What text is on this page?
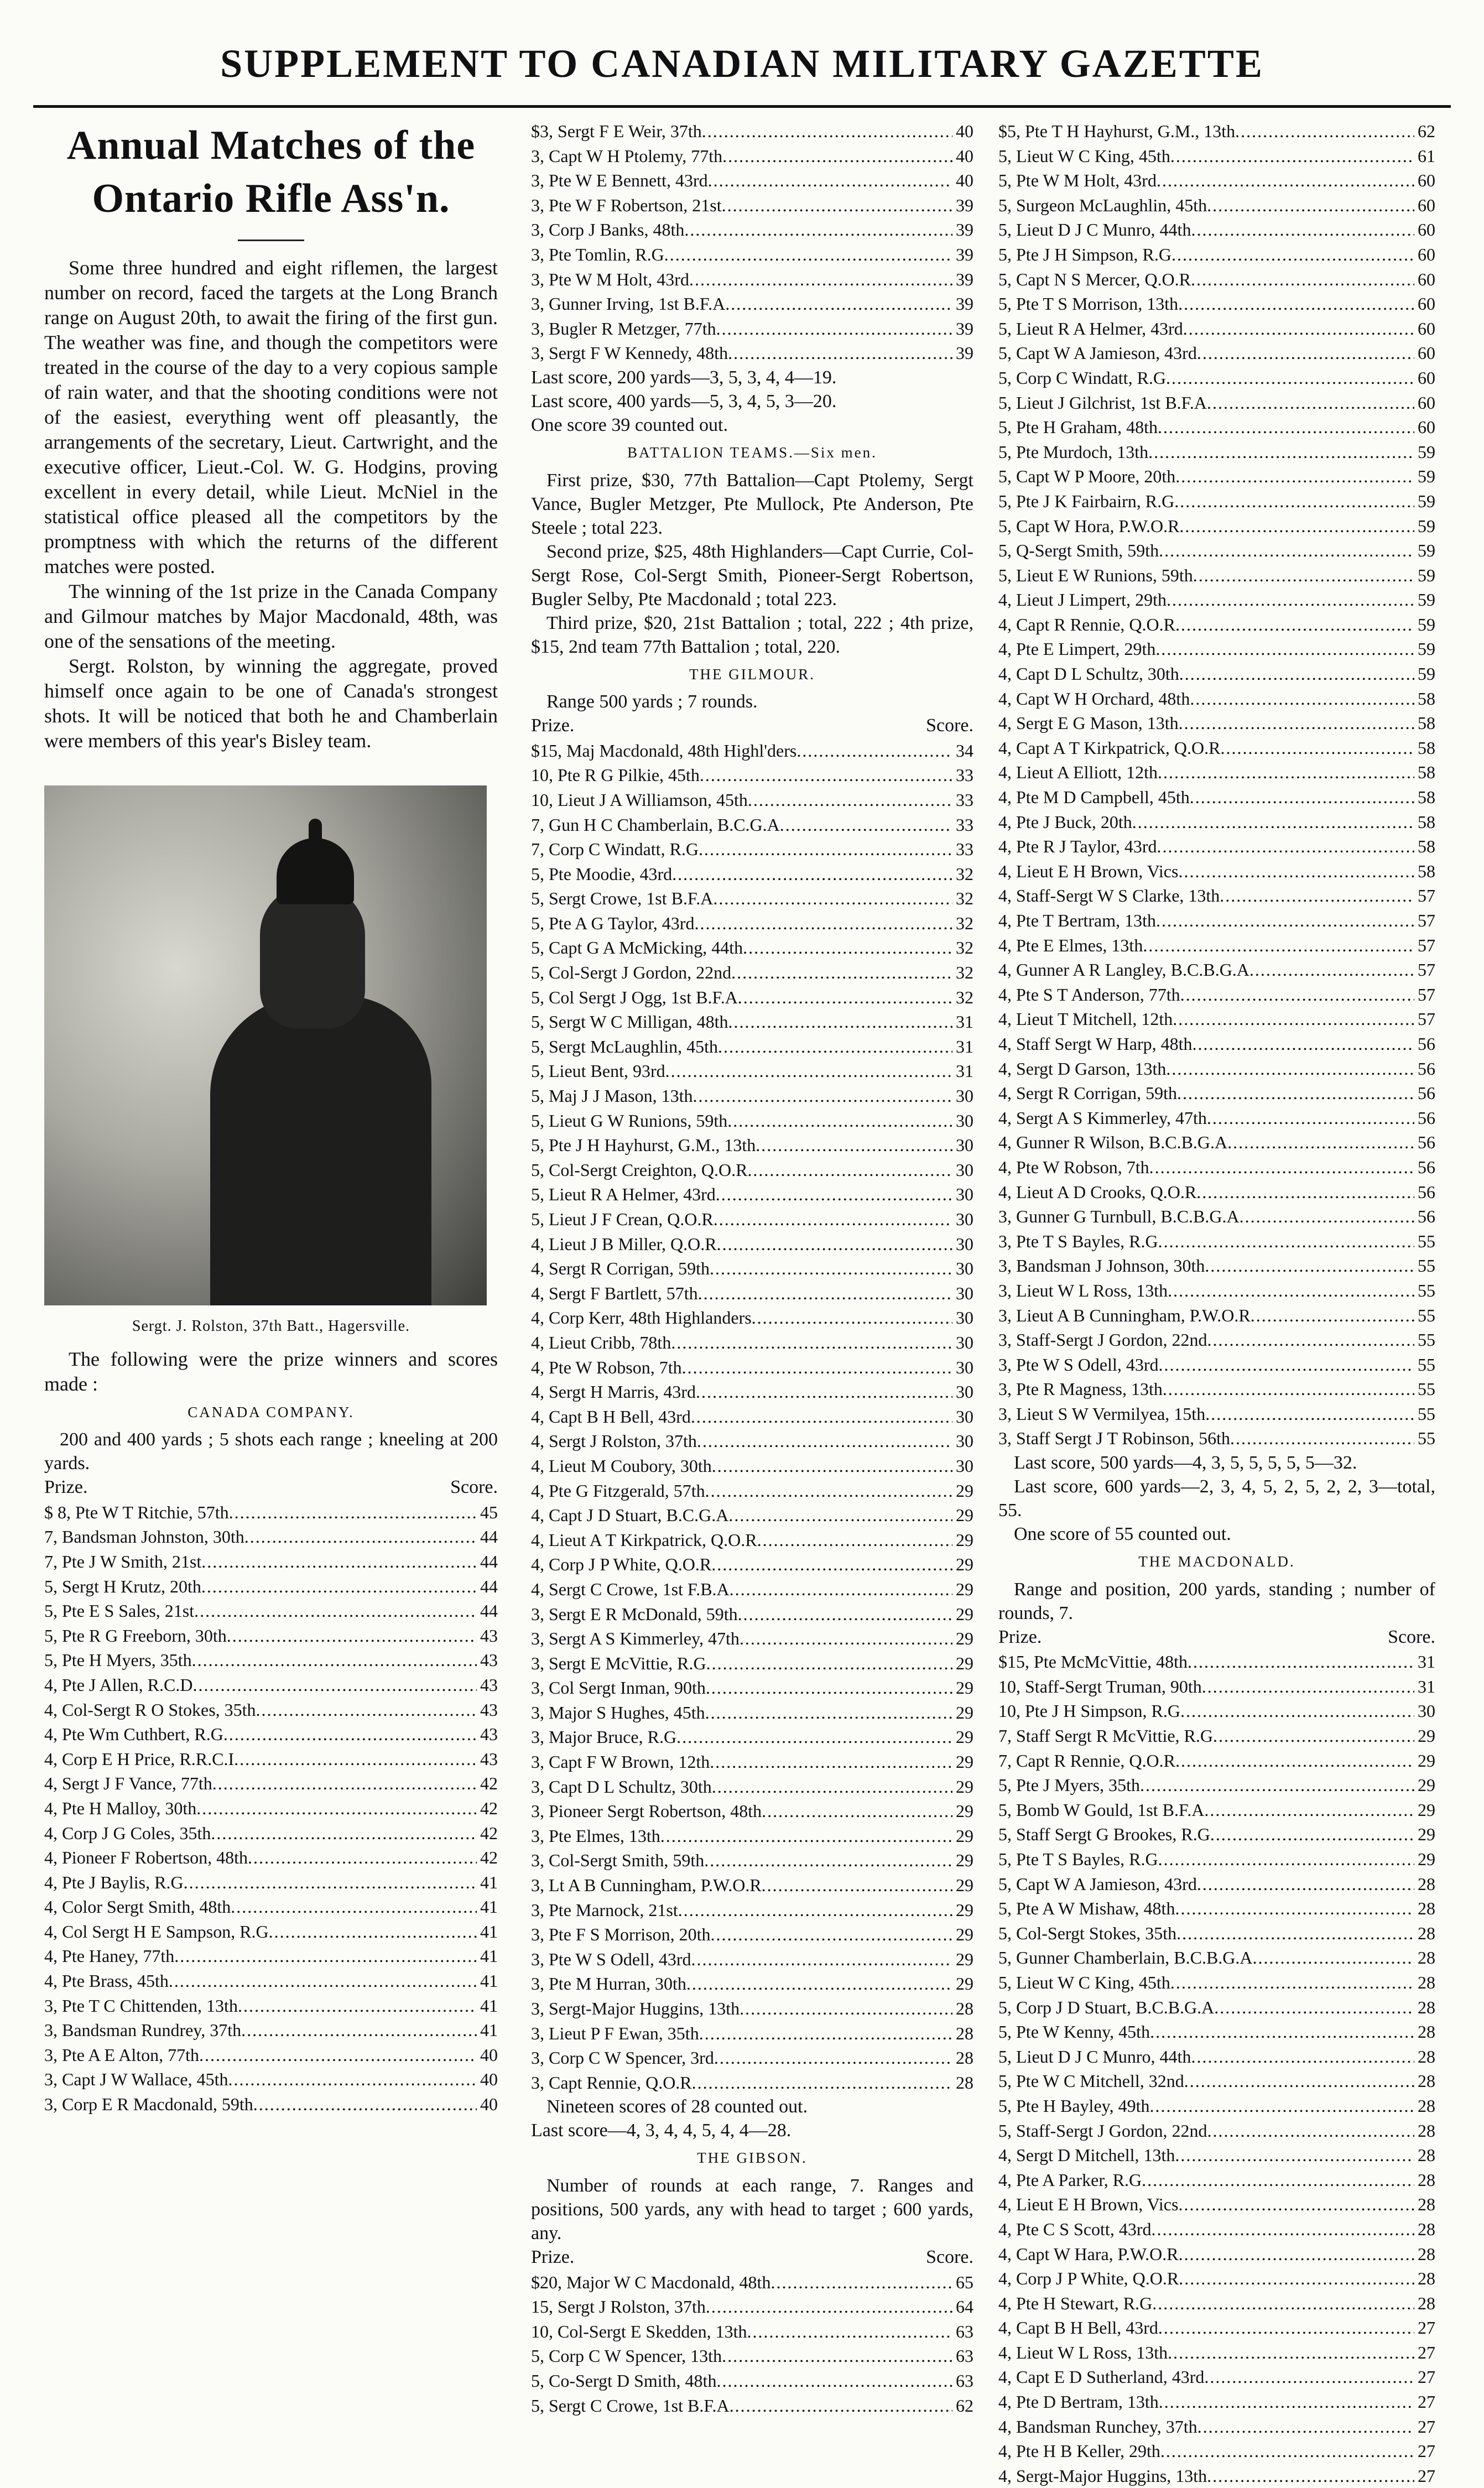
SUPPLEMENT TO CANADIAN MILITARY GAZETTE
Annual Matches of the Ontario Rifle Ass'n.

Some three hundred and eight riflemen, the largest number on record, faced the targets at the Long Branch range on August 20th, to await the firing of the first gun. The weather was fine, and though the competitors were treated in the course of the day to a very copious sample of rain water, and that the shooting conditions were not of the easiest, everything went off pleasantly, the arrangements of the secretary, Lieut. Cartwright, and the executive officer, Lieut.-Col. W. G. Hodgins, proving excellent in every detail, while Lieut. McNiel in the statistical office pleased all the competitors by the promptness with which the returns of the different matches were posted.

The winning of the 1st prize in the Canada Company and Gilmour matches by Major Macdonald, 48th, was one of the sensations of the meeting.

Sergt. Rolston, by winning the aggregate, proved himself once again to be one of Canada's strongest shots. It will be noticed that both he and Chamberlain were members of this year's Bisley team.

Sergt. J. Rolston, 37th Batt., Hagersville.

The following were the prize winners and scores made :

CANADA COMPANY.

200 and 400 yards ; 5 shots each range ; kneeling at 200 yards.

Prize.	Score.
$ 8, Pte W T Ritchie, 57th .....	45
7, Bandsman Johnston, 30th .....	44
7, Pte J W Smith, 21st .....	44
5, Sergt H Krutz, 20th .....	44
5, Pte E S Sales, 21st .....	44
5, Pte R G Freeborn, 30th .....	43
5, Pte H Myers, 35th .....	43
4, Pte J Allen, R.C.D .....	43
4, Col-Sergt R O Stokes, 35th .....	43
4, Pte Wm Cuthbert, R.G .....	43
4, Corp E H Price, R.R.C.I .....	43
4, Sergt J F Vance, 77th .....	42
4, Pte H Malloy, 30th .....	42
4, Corp J G Coles, 35th .....	42
4, Pioneer F Robertson, 48th .....	42
4, Pte J Baylis, R.G .....	41
4, Color Sergt Smith, 48th .....	41
4, Col Sergt H E Sampson, R.G .....	41
4, Pte Haney, 77th .....	41
4, Pte Brass, 45th .....	41
3, Pte T C Chittenden, 13th .....	41
3, Bandsman Rundrey, 37th .....	41
3, Pte A E Alton, 77th .....	40
3, Capt J W Wallace, 45th .....	40
3, Corp E R Macdonald, 59th .....	40
$3, Sergt F E Weir, 37th .....	40
3, Capt W H Ptolemy, 77th .....	40
3, Pte W E Bennett, 43rd .....	40
3, Pte W F Robertson, 21st .....	39
3, Corp J Banks, 48th .....	39
3, Pte Tomlin, R.G .....	39
3, Pte W M Holt, 43rd .....	39
3, Gunner Irving, 1st B.F.A .....	39
3, Bugler R Metzger, 77th .....	39
3, Sergt F W Kennedy, 48th .....	39

Last score, 200 yards—3, 5, 3, 4, 4—19.

Last score, 400 yards—5, 3, 4, 5, 3—20.

One score 39 counted out.

BATTALION TEAMS.—Six men.

First prize, $30, 77th Battalion—Capt Ptolemy, Sergt Vance, Bugler Metzger, Pte Mullock, Pte Anderson, Pte Steele ; total 223.

Second prize, $25, 48th Highlanders—Capt Currie, Col-Sergt Rose, Col-Sergt Smith, Pioneer-Sergt Robertson, Bugler Selby, Pte Macdonald ; total 223.

Third prize, $20, 21st Battalion ; total, 222 ; 4th prize, $15, 2nd team 77th Battalion ; total, 220.

THE GILMOUR.

Range 500 yards ; 7 rounds.

Prize.	Score.
$15, Maj Macdonald, 48th Highl'ders .....	34
10, Pte R G Pilkie, 45th .....	33
10, Lieut J A Williamson, 45th .....	33
7, Gun H C Chamberlain, B.C.G.A .....	33
7, Corp C Windatt, R.G .....	33
5, Pte Moodie, 43rd .....	32
5, Sergt Crowe, 1st B.F.A .....	32
5, Pte A G Taylor, 43rd .....	32
5, Capt G A McMicking, 44th .....	32
5, Col-Sergt J Gordon, 22nd .....	32
5, Col Sergt J Ogg, 1st B.F.A .....	32
5, Sergt W C Milligan, 48th .....	31
5, Sergt McLaughlin, 45th .....	31
5, Lieut Bent, 93rd .....	31
5, Maj J J Mason, 13th .....	30
5, Lieut G W Runions, 59th .....	30
5, Pte J H Hayhurst, G.M., 13th .....	30
5, Col-Sergt Creighton, Q.O.R .....	30
5, Lieut R A Helmer, 43rd .....	30
5, Lieut J F Crean, Q.O.R .....	30
4, Lieut J B Miller, Q.O.R .....	30
4, Sergt R Corrigan, 59th .....	30
4, Sergt F Bartlett, 57th .....	30
4, Corp Kerr, 48th Highlanders .....	30
4, Lieut Cribb, 78th .....	30
4, Pte W Robson, 7th .....	30
4, Sergt H Marris, 43rd .....	30
4, Capt B H Bell, 43rd .....	30
4, Sergt J Rolston, 37th .....	30
4, Lieut M Coubory, 30th .....	30
4, Pte G Fitzgerald, 57th .....	29
4, Capt J D Stuart, B.C.G.A .....	29
4, Lieut A T Kirkpatrick, Q.O.R .....	29
4, Corp J P White, Q.O.R .....	29
4, Sergt C Crowe, 1st F.B.A .....	29
3, Sergt E R McDonald, 59th .....	29
3, Sergt A S Kimmerley, 47th .....	29
3, Sergt E McVittie, R.G .....	29
3, Col Sergt Inman, 90th .....	29
3, Major S Hughes, 45th .....	29
3, Major Bruce, R.G .....	29
3, Capt F W Brown, 12th .....	29
3, Capt D L Schultz, 30th .....	29
3, Pioneer Sergt Robertson, 48th .....	29
3, Pte Elmes, 13th .....	29
3, Col-Sergt Smith, 59th .....	29
3, Lt A B Cunningham, P.W.O.R .....	29
3, Pte Marnock, 21st .....	29
3, Pte F S Morrison, 20th .....	29
3, Pte W S Odell, 43rd .....	29
3, Pte M Hurran, 30th .....	29
3, Sergt-Major Huggins, 13th .....	28
3, Lieut P F Ewan, 35th .....	28
3, Corp C W Spencer, 3rd .....	28
3, Capt Rennie, Q.O.R .....	28

Nineteen scores of 28 counted out.

Last score—4, 3, 4, 4, 5, 4, 4—28.

THE GIBSON.

Number of rounds at each range, 7. Ranges and positions, 500 yards, any with head to target ; 600 yards, any.

Prize.	Score.
$20, Major W C Macdonald, 48th .....	65
15, Sergt J Rolston, 37th .....	64
10, Col-Sergt E Skedden, 13th .....	63
5, Corp C W Spencer, 13th .....	63
5, Co-Sergt D Smith, 48th .....	63
5, Sergt C Crowe, 1st B.F.A .....	62
$5, Pte T H Hayhurst, G.M., 13th .....	62
5, Lieut W C King, 45th .....	61
5, Pte W M Holt, 43rd .....	60
5, Surgeon McLaughlin, 45th .....	60
5, Lieut D J C Munro, 44th .....	60
5, Pte J H Simpson, R.G .....	60
5, Capt N S Mercer, Q.O.R .....	60
5, Pte T S Morrison, 13th .....	60
5, Lieut R A Helmer, 43rd .....	60
5, Capt W A Jamieson, 43rd .....	60
5, Corp C Windatt, R.G .....	60
5, Lieut J Gilchrist, 1st B.F.A .....	60
5, Pte H Graham, 48th .....	60
5, Pte Murdoch, 13th .....	59
5, Capt W P Moore, 20th .....	59
5, Pte J K Fairbairn, R.G .....	59
5, Capt W Hora, P.W.O.R .....	59
5, Q-Sergt Smith, 59th .....	59
5, Lieut E W Runions, 59th .....	59
4, Lieut J Limpert, 29th .....	59
4, Capt R Rennie, Q.O.R .....	59
4, Pte E Limpert, 29th .....	59
4, Capt D L Schultz, 30th .....	59
4, Capt W H Orchard, 48th .....	58
4, Sergt E G Mason, 13th .....	58
4, Capt A T Kirkpatrick, Q.O.R .....	58
4, Lieut A Elliott, 12th .....	58
4, Pte M D Campbell, 45th .....	58
4, Pte J Buck, 20th .....	58
4, Pte R J Taylor, 43rd .....	58
4, Lieut E H Brown, Vics .....	58
4, Staff-Sergt W S Clarke, 13th .....	57
4, Pte T Bertram, 13th .....	57
4, Pte E Elmes, 13th .....	57
4, Gunner A R Langley, B.C.B.G.A .....	57
4, Pte S T Anderson, 77th .....	57
4, Lieut T Mitchell, 12th .....	57
4, Staff Sergt W Harp, 48th .....	56
4, Sergt D Garson, 13th .....	56
4, Sergt R Corrigan, 59th .....	56
4, Sergt A S Kimmerley, 47th .....	56
4, Gunner R Wilson, B.C.B.G.A .....	56
4, Pte W Robson, 7th .....	56
4, Lieut A D Crooks, Q.O.R .....	56
3, Gunner G Turnbull, B.C.B.G.A .....	56
3, Pte T S Bayles, R.G .....	55
3, Bandsman J Johnson, 30th .....	55
3, Lieut W L Ross, 13th .....	55
3, Lieut A B Cunningham, P.W.O.R .....	55
3, Staff-Sergt J Gordon, 22nd .....	55
3, Pte W S Odell, 43rd .....	55
3, Pte R Magness, 13th .....	55
3, Lieut S W Vermilyea, 15th .....	55
3, Staff Sergt J T Robinson, 56th .....	55

Last score, 500 yards—4, 3, 5, 5, 5, 5, 5—32.

Last score, 600 yards—2, 3, 4, 5, 2, 5, 2, 2, 3—total, 55.

One score of 55 counted out.

THE MACDONALD.

Range and position, 200 yards, standing ; number of rounds, 7.

Prize.	Score.
$15, Pte McMcVittie, 48th .....	31
10, Staff-Sergt Truman, 90th .....	31
10, Pte J H Simpson, R.G .....	30
7, Staff Sergt R McVittie, R.G .....	29
7, Capt R Rennie, Q.O.R .....	29
5, Pte J Myers, 35th .....	29
5, Bomb W Gould, 1st B.F.A .....	29
5, Staff Sergt G Brookes, R.G .....	29
5, Pte T S Bayles, R.G .....	29
5, Capt W A Jamieson, 43rd .....	28
5, Pte A W Mishaw, 48th .....	28
5, Col-Sergt Stokes, 35th .....	28
5, Gunner Chamberlain, B.C.B.G.A .....	28
5, Lieut W C King, 45th .....	28
5, Corp J D Stuart, B.C.B.G.A .....	28
5, Pte W Kenny, 45th .....	28
5, Lieut D J C Munro, 44th .....	28
5, Pte W C Mitchell, 32nd .....	28
5, Pte H Bayley, 49th .....	28
5, Staff-Sergt J Gordon, 22nd .....	28
4, Sergt D Mitchell, 13th .....	28
4, Pte A Parker, R.G .....	28
4, Lieut E H Brown, Vics .....	28
4, Pte C S Scott, 43rd .....	28
4, Capt W Hara, P.W.O.R .....	28
4, Corp J P White, Q.O.R .....	28
4, Pte H Stewart, R.G .....	28
4, Capt B H Bell, 43rd .....	27
4, Lieut W L Ross, 13th .....	27
4, Capt E D Sutherland, 43rd .....	27
4, Pte D Bertram, 13th .....	27
4, Bandsman Runchey, 37th .....	27
4, Pte H B Keller, 29th .....	27
4, Sergt-Major Huggins, 13th .....	27
